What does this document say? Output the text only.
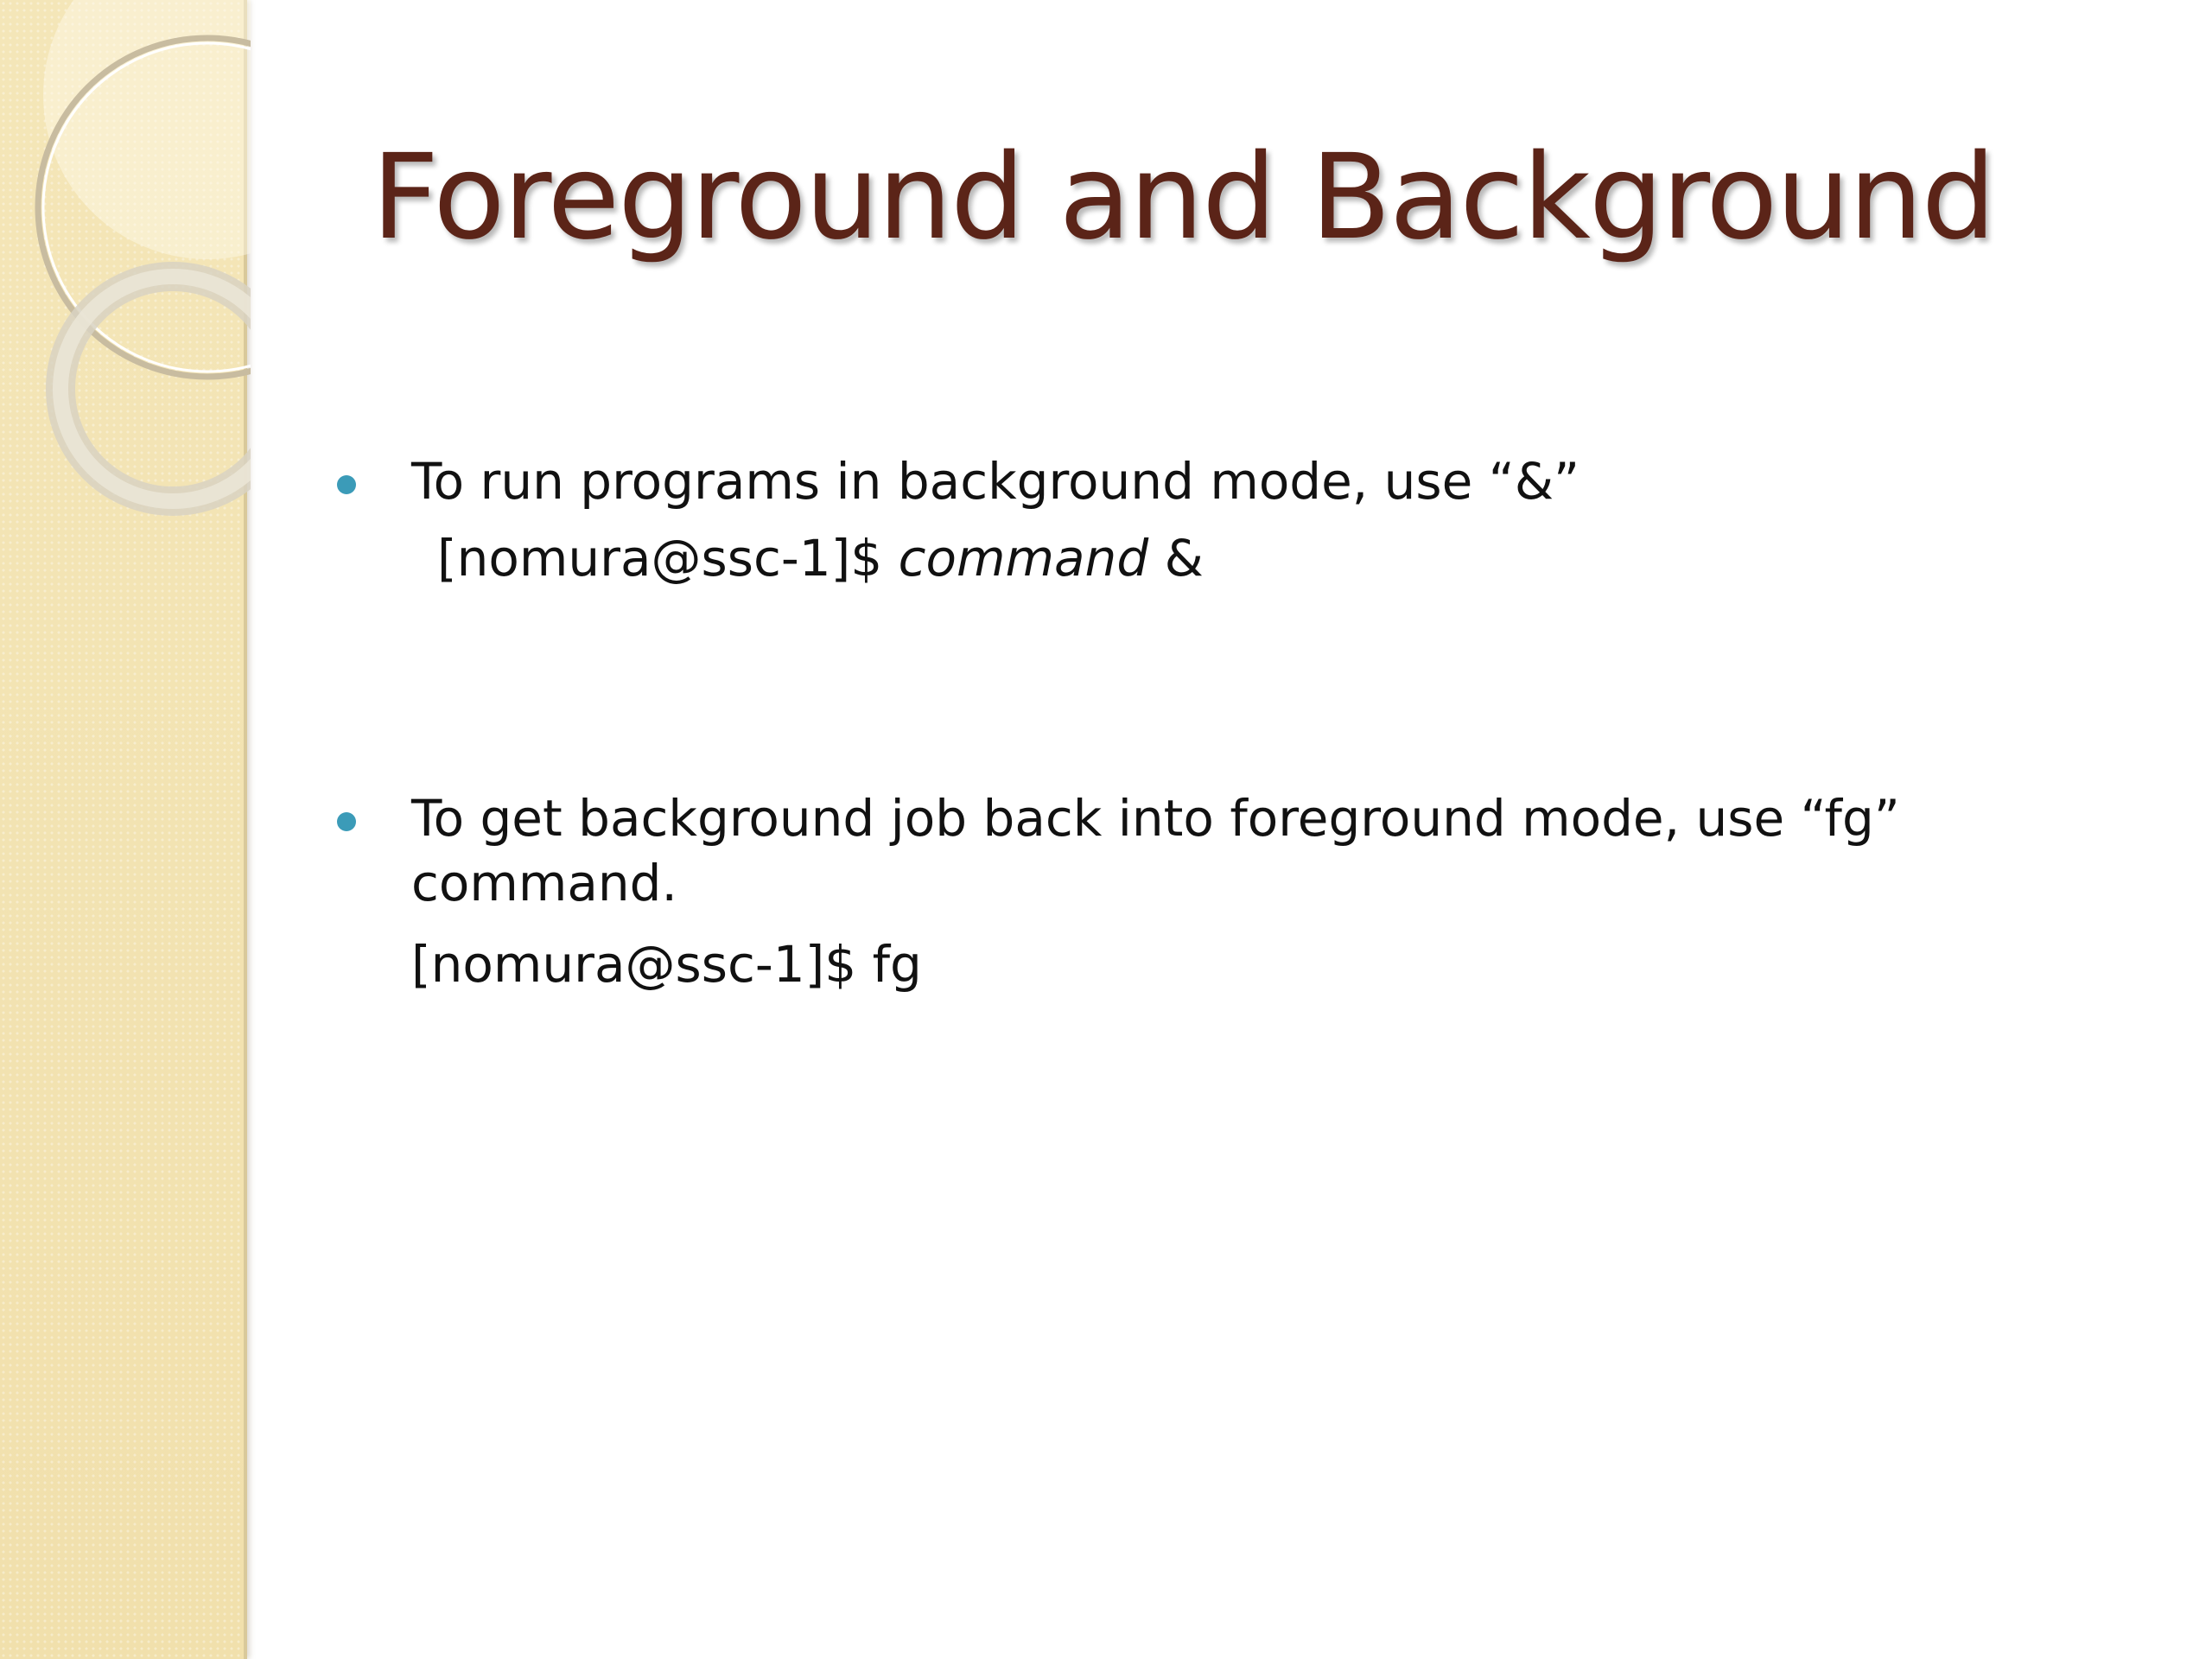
Foreground and Background
To run programs in background mode, use “&”
[nomura@ssc-1]$ command &
To get background job back into foreground mode, use “fg” command.
[nomura@ssc-1]$ fg
